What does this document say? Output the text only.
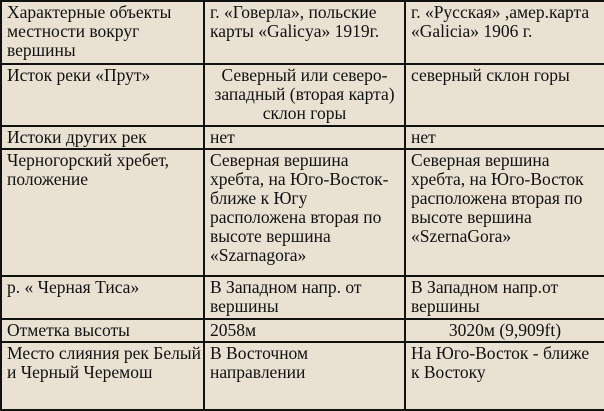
Характерные объекты местности вокруг вершины	г. «Говерла», польские карты «Galicya» 1919г.	г. «Русская» ,амер.карта «Galicia» 1906 г.
Исток реки «Прут»	Северный или северо-западный (вторая карта) склон горы	северный склон горы
Истоки других рек	нет	нет
Черногорский хребет, положение	Северная вершина хребта, на Юго-Восток-ближе к Югу расположена вторая по высоте вершина «Szarnagora»	Северная вершина хребта, на Юго-Восток расположена вторая по высоте вершина «SzernaGora»
р. « Черная Тиса»	В Западном напр. от вершины	В Западном напр.от вершины
Отметка высоты	2058м	3020м (9,909ft)
Место слияния рек Белый и Черный Черемош	В Восточном направлении	На Юго-Восток - ближе к Востоку
